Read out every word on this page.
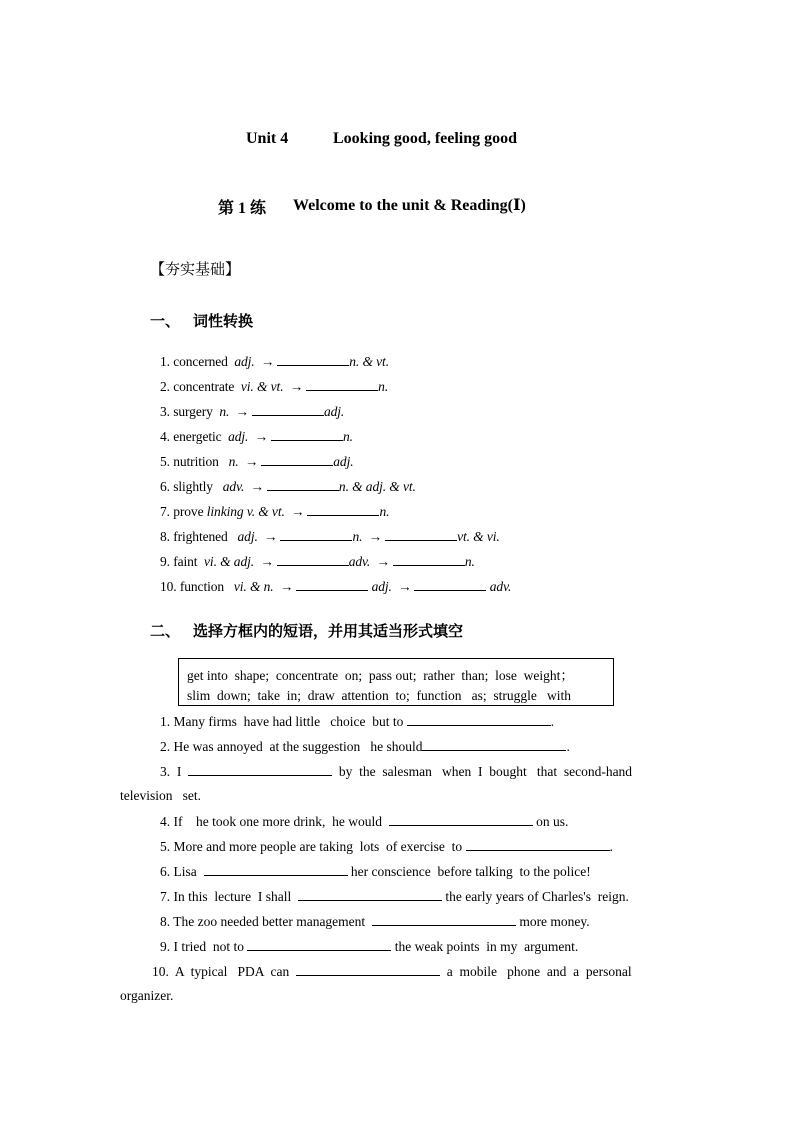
Unit 4	Looking good, feeling good
第 1 练 Welcome to the unit & Reading(Ⅰ)
【夯实基础】
一、 词性转换
1. concerned adj. →	n. & vt.
2. concentrate vi. & vt. →	n.
3. surgery n. →	adj.
4. energetic adj. →	n.
5. nutrition n. →	adj.
6. slightly adv. →	n. & adj. & vt.
7. prove linking v. & vt. →	n.
8. frightened adj. →	n. →	vt. & vi.
9. faint vi. & adj. →	adv. →	n.
10. function vi. & n. →	adj. →	adv.
二、 选择方框内的短语，并用其适当形式填空
get into  shape;  concentrate  on;  pass out;  rather  than;  lose  weight；
slim  down;  take  in;  draw  attention  to;  function   as;  struggle   with
1. Many firms  have had little   choice  but to	.
2. He was annoyed  at the suggestion   he should	.
3. I	by  the  salesman   when  I  bought   that  second-hand
television   set.
4. If    he took one more drink,  he would	on us.
5. More and more people are taking  lots  of exercise  to	.
6. Lisa	her conscience  before talking  to the police!
7. In this  lecture  I shall	the early years of Charles's  reign.
8. The zoo needed better management	more money.
9. I tried  not to	the weak points  in my  argument.
10. A  typical   PDA  can	a  mobile   phone  and  a  personal
organizer.
